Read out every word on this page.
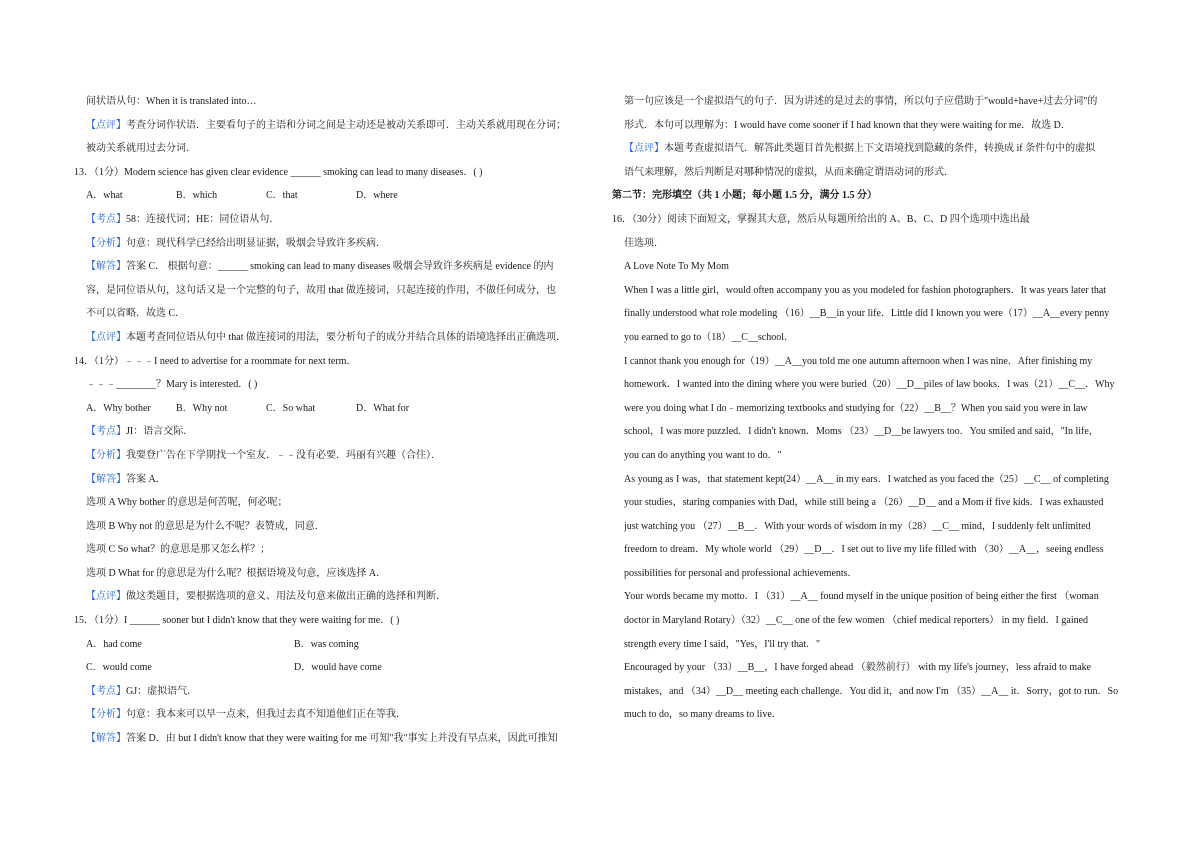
间状语从句：When it is translated into…
【点评】考查分词作状语．主要看句子的主语和分词之间是主动还是被动关系即可．主动关系就用现在分词；
被动关系就用过去分词．
13．（1分）Modern science has given clear evidence ______ smoking can lead to many diseases．( )
A．what	B．which	C．that	D．where
【考点】58：连接代词；HE：同位语从句．
【分析】句意：现代科学已经给出明显证据，吸烟会导致许多疾病．
【解答】答案 C． 根据句意：______ smoking can lead to many diseases 吸烟会导致许多疾病是 evidence 的内
容，是同位语从句，这句话又是一个完整的句子，故用 that 做连接词，只起连接的作用，不做任何成分，也
不可以省略．故选 C．
【点评】本题考查同位语从句中 that 做连接词的用法，要分析句子的成分并结合具体的语境选择出正确选项．
14．（1分）﹣﹣﹣I need to advertise for a roommate for next term．
﹣﹣﹣________？Mary is interested．( )
A．Why bother	B．Why not	C．So what	D．What for
【考点】JI：语言交际．
【分析】我要登广告在下学期找一个室友．﹣﹣没有必要．玛丽有兴趣（合住）．
【解答】答案 A．
选项 A Why bother 的意思是何苦呢，何必呢；
选项 B Why not 的意思是为什么不呢？表赞成，同意．
选项 C So what？的意思是那又怎么样？；
选项 D What for 的意思是为什么呢？根据语境及句意，应该选择 A．
【点评】做这类题目，要根据选项的意义、用法及句意来做出正确的选择和判断．
15．（1分）I ______ sooner but I didn't know that they were waiting for me．( )
A．had come	B．was coming
C．would come	D．would have come
【考点】GJ：虚拟语气．
【分析】句意：我本来可以早一点来，但我过去真不知道他们正在等我．
【解答】答案 D．由 but I didn't know that they were waiting for me 可知"我"事实上并没有早点来，因此可推知
第一句应该是一个虚拟语气的句子．因为讲述的是过去的事情，所以句子应借助于"would+have+过去分词"的
形式．本句可以理解为：I would have come sooner if I had known that they were waiting for me．故选 D．
【点评】本题考查虚拟语气．解答此类题目首先根据上下文语境找到隐藏的条件，转换成 if 条件句中的虚拟
语气来理解，然后判断是对哪种情况的虚拟，从而来确定谓语动词的形式．
第二节：完形填空（共 1 小题；每小题 1.5 分，满分 1.5 分）
16．（30分）阅读下面短文，掌握其大意，然后从每题所给出的 A、B、C、D 四个选项中选出最
佳选项．
A Love Note To My Mom
When I was a little girl，would often accompany you as you modeled for fashion photographers．It was years later that
finally understood what role modeling （16）__B__in your life．Little did I known you were（17）__A__every penny
you earned to go to（18）__C__school．
I cannot thank you enough for（19）__A__you told me one autumn afternoon when I was nine．After finishing my
homework．I wanted into the dining where you were buried（20）__D__piles of law books．I was（21）__C__．Why
were you doing what I do﹣memorizing textbooks and studying for（22）__B__？When you said you were in law
school，I was more puzzled．I didn't known．Moms （23）__D__be lawyers too．You smiled and said，"In life，
you can do anything you want to do．"
As young as I was，that statement kept(24）__A__ in my ears．I watched as you faced the（25）__C__ of completing
your studies，staring companies with Dad，while still being a （26）__D__ and a Mom if five kids．I was exhausted
just watching you （27）__B__．With your words of wisdom in my（28）__C__ mind，I suddenly felt unlimited
freedom to dream．My whole world （29）__D__．I set out to live my life filled with （30）__A__，seeing endless
possibilities for personal and professional achievements．
Your words became my motto．I （31）__A__ found myself in the unique position of being either the first （woman
doctor in Maryland Rotary）（32）__C__ one of the few women （chief medical reporters） in my field．I gained
strength every time I said，"Yes，I'll try that．"
Encouraged by your （33）__B__，I have forged ahead （毅然前行） with my life's journey，less afraid to make
mistakes，and （34）__D__ meeting each challenge．You did it，and now I'm （35）__A__ it．Sorry，got to run．So
much to do，so many dreams to live．
